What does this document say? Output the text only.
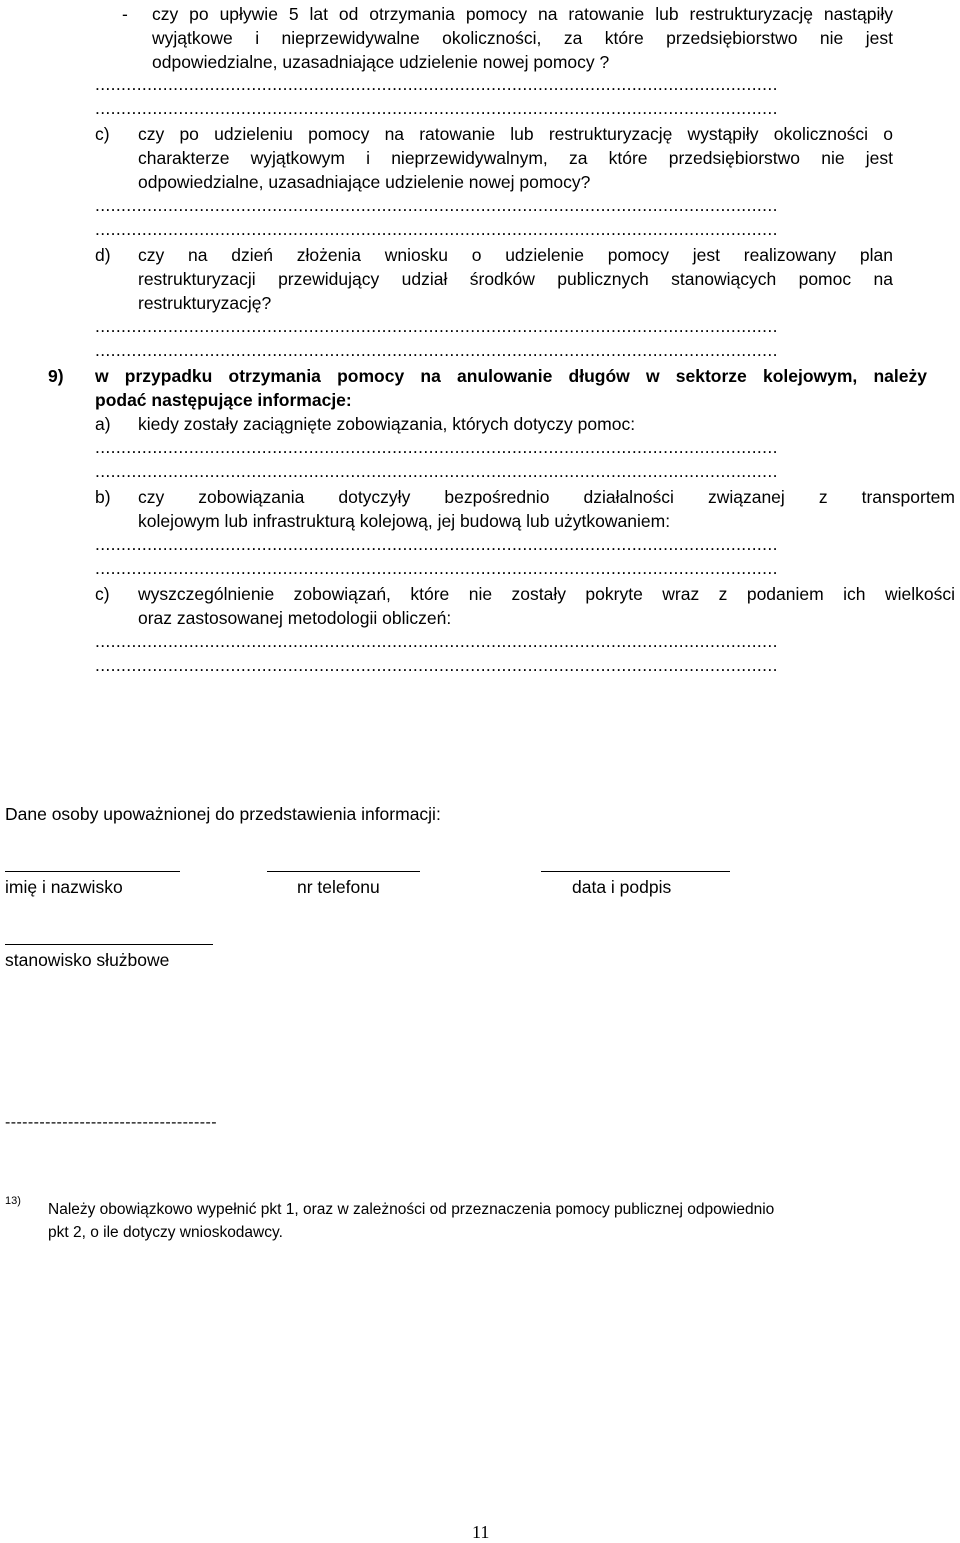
- czy po upływie 5 lat od otrzymania pomocy na ratowanie lub restrukturyzację nastąpiły
wyjątkowe i nieprzewidywalne okoliczności, za które przedsiębiorstwo nie jest
odpowiedzialne, uzasadniające udzielenie nowej pomocy ?
...................................................................................................................................
...................................................................................................................................
c) czy po udzieleniu pomocy na ratowanie lub restrukturyzację wystąpiły okoliczności o
charakterze wyjątkowym i nieprzewidywalnym, za które przedsiębiorstwo nie jest
odpowiedzialne, uzasadniające udzielenie nowej pomocy?
...................................................................................................................................
...................................................................................................................................
d) czy na dzień złożenia wniosku o udzielenie pomocy jest realizowany plan
restrukturyzacji przewidujący udział środków publicznych stanowiących pomoc na
restrukturyzację?
...................................................................................................................................
...................................................................................................................................
9) w przypadku otrzymania pomocy na anulowanie długów w sektorze kolejowym, należy
podać następujące informacje:
a) kiedy zostały zaciągnięte zobowiązania, których dotyczy pomoc:
...................................................................................................................................
...................................................................................................................................
b) czy zobowiązania dotyczyły bezpośrednio działalności związanej z transportem
kolejowym lub infrastrukturą kolejową, jej budową lub użytkowaniem:
...................................................................................................................................
...................................................................................................................................
c) wyszczególnienie zobowiązań, które nie zostały pokryte wraz z podaniem ich wielkości
oraz zastosowanej metodologii obliczeń:
...................................................................................................................................
...................................................................................................................................
Dane osoby upoważnionej do przedstawienia informacji:
imię i nazwisko	nr telefonu	data i podpis
stanowisko służbowe
-------------------------------------
13) Należy obowiązkowo wypełnić pkt 1, oraz w zależności od przeznaczenia pomocy publicznej odpowiednio
pkt 2, o ile dotyczy wnioskodawcy.
11
